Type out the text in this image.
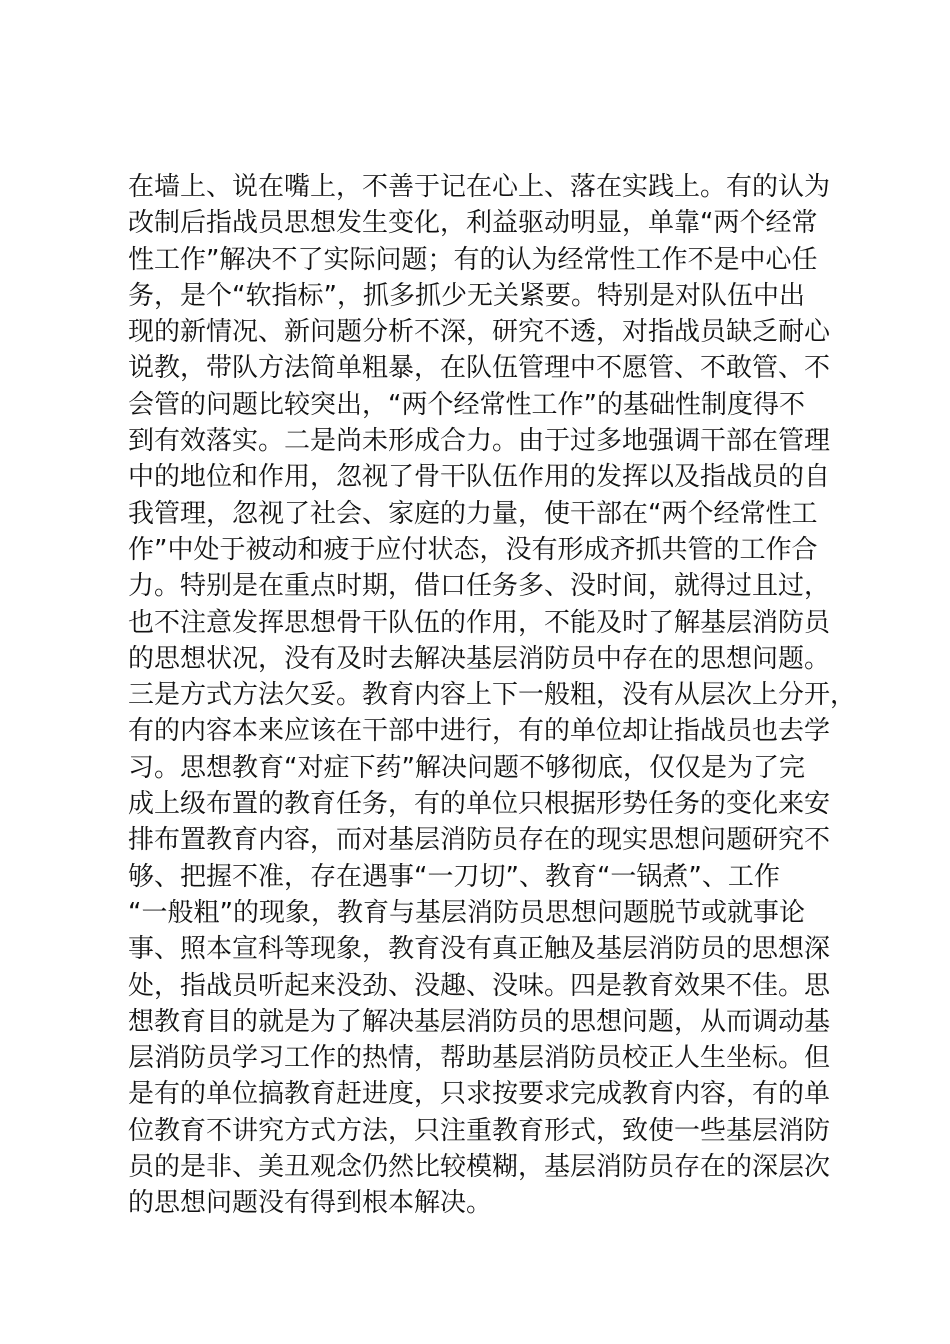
在墙上、说在嘴上，不善于记在心上、落在实践上。有的认为
改制后指战员思想发生变化，利益驱动明显，单靠“两个经常
性工作”解决不了实际问题；有的认为经常性工作不是中心任
务，是个“软指标”，抓多抓少无关紧要。特别是对队伍中出
现的新情况、新问题分析不深，研究不透，对指战员缺乏耐心
说教，带队方法简单粗暴，在队伍管理中不愿管、不敢管、不
会管的问题比较突出，“两个经常性工作”的基础性制度得不
到有效落实。二是尚未形成合力。由于过多地强调干部在管理
中的地位和作用，忽视了骨干队伍作用的发挥以及指战员的自
我管理，忽视了社会、家庭的力量，使干部在“两个经常性工
作”中处于被动和疲于应付状态，没有形成齐抓共管的工作合
力。特别是在重点时期，借口任务多、没时间，就得过且过，
也不注意发挥思想骨干队伍的作用，不能及时了解基层消防员
的思想状况，没有及时去解决基层消防员中存在的思想问题。
三是方式方法欠妥。教育内容上下一般粗，没有从层次上分开，
有的内容本来应该在干部中进行，有的单位却让指战员也去学
习。思想教育“对症下药”解决问题不够彻底，仅仅是为了完
成上级布置的教育任务，有的单位只根据形势任务的变化来安
排布置教育内容，而对基层消防员存在的现实思想问题研究不
够、把握不准，存在遇事“一刀切”、教育“一锅煮”、工作
“一般粗”的现象，教育与基层消防员思想问题脱节或就事论
事、照本宣科等现象，教育没有真正触及基层消防员的思想深
处，指战员听起来没劲、没趣、没味。四是教育效果不佳。思
想教育目的就是为了解决基层消防员的思想问题，从而调动基
层消防员学习工作的热情，帮助基层消防员校正人生坐标。但
是有的单位搞教育赶进度，只求按要求完成教育内容，有的单
位教育不讲究方式方法，只注重教育形式，致使一些基层消防
员的是非、美丑观念仍然比较模糊，基层消防员存在的深层次
的思想问题没有得到根本解决。
